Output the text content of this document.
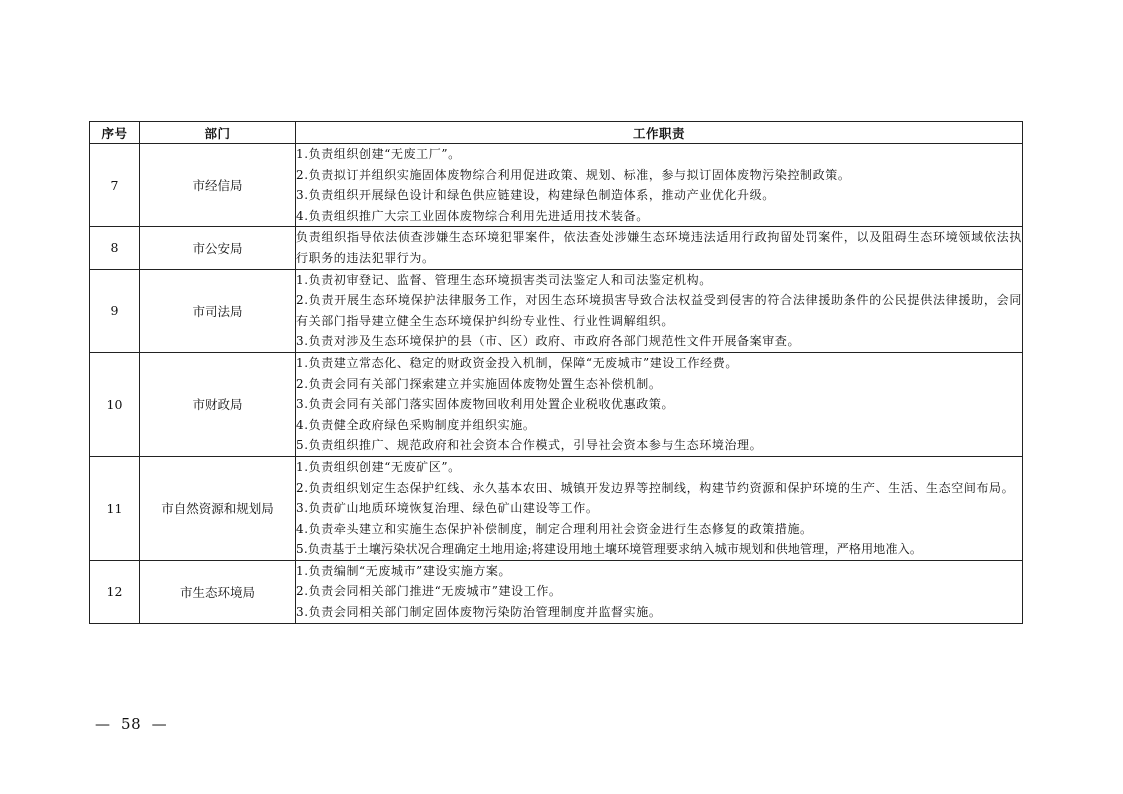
序号	部门	工作职责
7	市经信局	1.负责组织创建“无废工厂”。
2.负责拟订并组织实施固体废物综合利用促进政策、规划、标准，参与拟订固体废物污染控制政策。
3.负责组织开展绿色设计和绿色供应链建设，构建绿色制造体系，推动产业优化升级。
4.负责组织推广大宗工业固体废物综合利用先进适用技术装备。

8	市公安局	负责组织指导依法侦查涉嫌生态环境犯罪案件，依法查处涉嫌生态环境违法适用行政拘留处罚案件，以及阻碍生态环境领域依法执行职务的违法犯罪行为。

9	市司法局	1.负责初审登记、监督、管理生态环境损害类司法鉴定人和司法鉴定机构。
2.负责开展生态环境保护法律服务工作，对因生态环境损害导致合法权益受到侵害的符合法律援助条件的公民提供法律援助，会同有关部门指导建立健全生态环境保护纠纷专业性、行业性调解组织。
3.负责对涉及生态环境保护的县（市、区）政府、市政府各部门规范性文件开展备案审查。

10	市财政局	1.负责建立常态化、稳定的财政资金投入机制，保障“无废城市”建设工作经费。
2.负责会同有关部门探索建立并实施固体废物处置生态补偿机制。
3.负责会同有关部门落实固体废物回收利用处置企业税收优惠政策。
4.负责健全政府绿色采购制度并组织实施。
5.负责组织推广、规范政府和社会资本合作模式，引导社会资本参与生态环境治理。

11	市自然资源和规划局	1.负责组织创建“无废矿区”。
2.负责组织划定生态保护红线、永久基本农田、城镇开发边界等控制线，构建节约资源和保护环境的生产、生活、生态空间布局。
3.负责矿山地质环境恢复治理、绿色矿山建设等工作。
4.负责牵头建立和实施生态保护补偿制度，制定合理利用社会资金进行生态修复的政策措施。
5.负责基于土壤污染状况合理确定土地用途;将建设用地土壤环境管理要求纳入城市规划和供地管理，严格用地准入。

12	市生态环境局	1.负责编制“无废城市”建设实施方案。
2.负责会同相关部门推进“无废城市”建设工作。
3.负责会同相关部门制定固体废物污染防治管理制度并监督实施。
—  58  —
